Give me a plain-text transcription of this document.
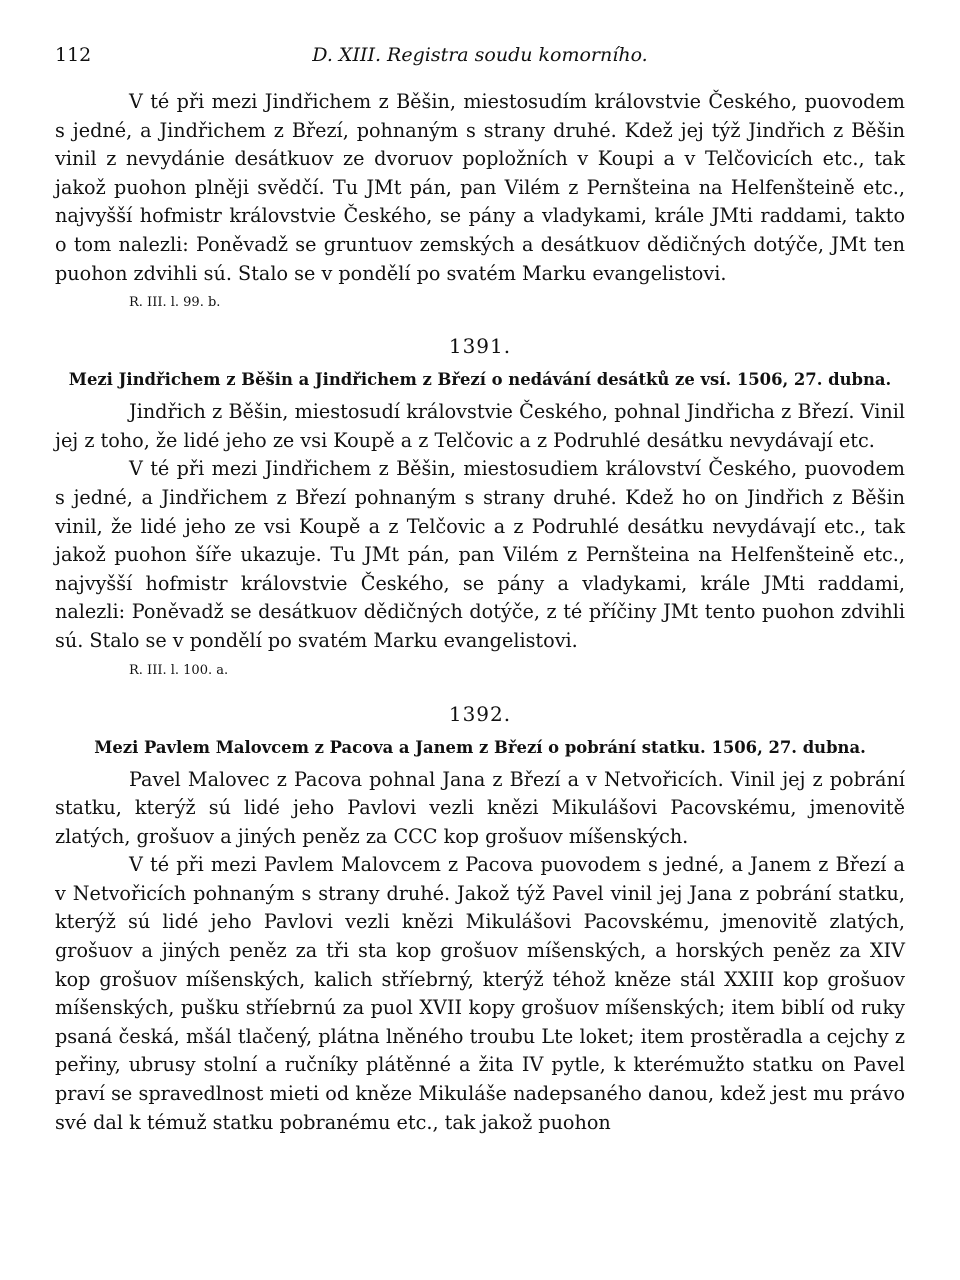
112	D. XIII. Registra soudu komorního.

V té při mezi Jindřichem z Běšin, miestosudím královstvie Českého, puovodem s jedné, a Jindřichem z Březí, pohnaným s strany druhé. Kdež jej týž Jindřich z Běšin vinil z nevydánie desátkuov ze dvoruov popložních v Koupi a v Telčovicích etc., tak jakož puohon plněji svědčí. Tu JMt pán, pan Vilém z Pernšteina na Helfenšteině etc., najvyšší hofmistr královstvie Českého, se pány a vladykami, krále JMti raddami, takto o tom nalezli: Poněvadž se gruntuov zemských a desátkuov dědičných dotýče, JMt ten puohon zdvihli sú. Stalo se v pondělí po svatém Marku evangelistovi.

R. III. l. 99. b.
1391.
Mezi Jindřichem z Běšin a Jindřichem z Březí o nedávání desátků ze vsí. 1506, 27. dubna.

Jindřich z Běšin, miestosudí královstvie Českého, pohnal Jindřicha z Březí. Vinil jej z toho, že lidé jeho ze vsi Koupě a z Telčovic a z Podruhlé desátku nevydávají etc.

V té při mezi Jindřichem z Běšin, miestosudiem království Českého, puovodem s jedné, a Jindřichem z Březí pohnaným s strany druhé. Kdež ho on Jindřich z Běšin vinil, že lidé jeho ze vsi Koupě a z Telčovic a z Podruhlé desátku nevydávají etc., tak jakož puohon šíře ukazuje. Tu JMt pán, pan Vilém z Pernšteina na Helfenšteině etc., najvyšší hofmistr královstvie Českého, se pány a vladykami, krále JMti raddami, nalezli: Poněvadž se desátkuov dědičných dotýče, z té příčiny JMt tento puohon zdvihli sú. Stalo se v pondělí po svatém Marku evangelistovi.

R. III. l. 100. a.
1392.
Mezi Pavlem Malovcem z Pacova a Janem z Březí o pobrání statku. 1506, 27. dubna.

Pavel Malovec z Pacova pohnal Jana z Březí a v Netvořicích. Vinil jej z pobrání statku, kterýž sú lidé jeho Pavlovi vezli knězi Mikulášovi Pacovskému, jmenovitě zlatých, grošuov a jiných peněz za CCC kop grošuov míšenských.

V té při mezi Pavlem Malovcem z Pacova puovodem s jedné, a Janem z Březí a v Netvořicích pohnaným s strany druhé. Jakož týž Pavel vinil jej Jana z pobrání statku, kterýž sú lidé jeho Pavlovi vezli knězi Mikulášovi Pacovskému, jmenovitě zlatých, grošuov a jiných peněz za tři sta kop grošuov míšenských, a horských peněz za XIV kop grošuov míšenských, kalich stříebrný, kterýž téhož kněze stál XXIII kop grošuov míšenských, pušku stříebrnú za puol XVII kopy grošuov míšenských; item biblí od ruky psaná česká, mšál tlačený, plátna lněného troubu Lte loket; item prostěradla a cejchy z peřiny, ubrusy stolní a ručníky plátěnné a žita IV pytle, k kterémužto statku on Pavel praví se spravedlnost mieti od kněze Mikuláše nadepsaného danou, kdež jest mu právo své dal k témuž statku pobranému etc., tak jakož puohon
